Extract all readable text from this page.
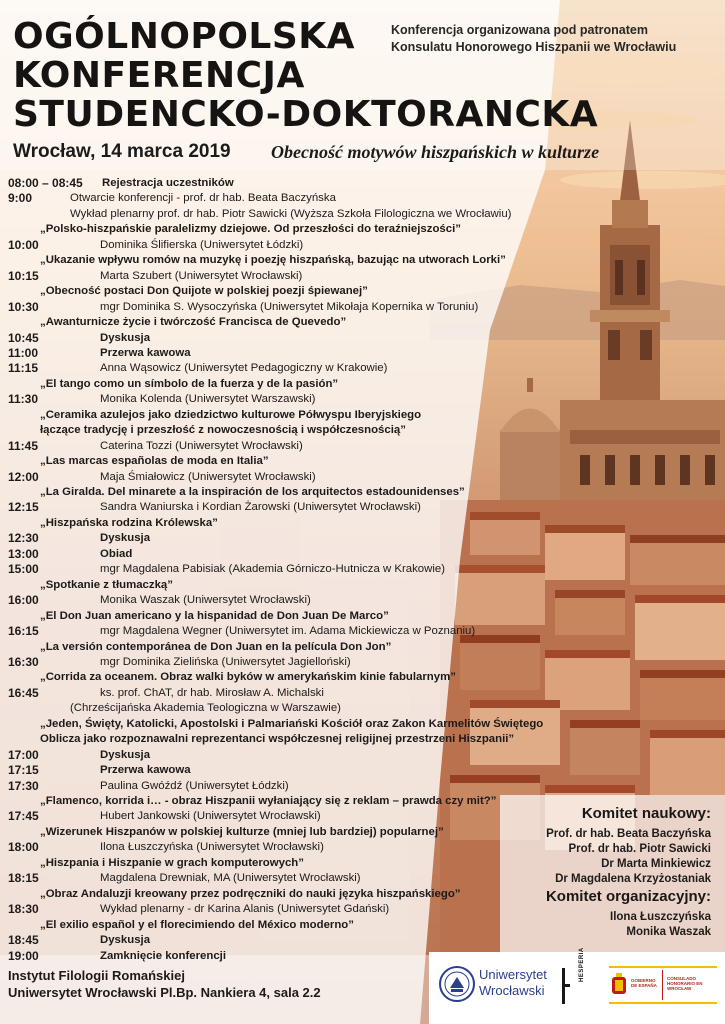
OGÓLNOPOLSKA
KONFERENCJA
STUDENCKO-DOKTORANCKA
Konferencja organizowana pod patronatem
Konsulatu Honorowego Hiszpanii we Wrocławiu
Wrocław, 14 marca 2019 Obecność motywów hiszpańskich w kulturze
08:00 – 08:45 Rejestracja uczestników
9:00	Otwarcie konferencji - prof. dr hab. Beata Baczyńska
Wykład plenarny prof. dr hab. Piotr Sawicki (Wyższa Szkoła Filologiczna we Wrocławiu)
„Polsko-hiszpańskie paralelizmy dziejowe. Od przeszłości do teraźniejszości”
10:00	Dominika Ślifierska (Uniwersytet Łódzki)
„Ukazanie wpływu romów na muzykę i poezję hiszpańską, bazując na utworach Lorki”
10:15	Marta Szubert (Uniwersytet Wrocławski)
„Obecność postaci Don Quijote w polskiej poezji śpiewanej”
10:30	mgr Dominika S. Wysoczyńska (Uniwersytet Mikołaja Kopernika w Toruniu)
„Awanturnicze życie i twórczość Francisca de Quevedo”
10:45	Dyskusja
11:00	Przerwa kawowa
11:15	Anna Wąsowicz (Uniwersytet Pedagogiczny w Krakowie)
„El tango como un símbolo de la fuerza y de la pasión”
11:30	Monika Kolenda (Uniwersytet Warszawski)
„Ceramika azulejos jako dziedzictwo kulturowe Półwyspu Iberyjskiego
łączące tradycję i przeszłość z nowoczesnością i współczesnością”
11:45	Caterina Tozzi (Uniwersytet Wrocławski)
„Las marcas españolas de moda en Italia”
12:00	Maja Śmiałowicz (Uniwersytet Wrocławski)
„La Giralda. Del minarete a la inspiración de los arquitectos estadounidenses”
12:15	Sandra Waniurska i Kordian Żarowski (Uniwersytet Wrocławski)
„Hiszpańska rodzina Królewska”
12:30	Dyskusja
13:00	Obiad
15:00	mgr Magdalena Pabisiak (Akademia Górniczo-Hutnicza w Krakowie)
„Spotkanie z tłumaczką”
16:00	Monika Waszak (Uniwersytet Wrocławski)
„El Don Juan americano y la hispanidad de Don Juan De Marco”
16:15	mgr Magdalena Wegner (Uniwersytet im. Adama Mickiewicza w Poznaniu)
„La versión contemporánea de Don Juan en la película Don Jon”
16:30	mgr Dominika Zielińska (Uniwersytet Jagielloński)
„Corrida za oceanem. Obraz walki byków w amerykańskim kinie fabularnym”
16:45	ks. prof. ChAT, dr hab. Mirosław A. Michalski
(Chrześcijańska Akademia Teologiczna w Warszawie)
„Jeden, Święty, Katolicki, Apostolski i Palmariański Kościół oraz Zakon Karmelitów Świętego
Oblicza jako rozpoznawalni reprezentanci współczesnej religijnej przestrzeni Hiszpanii”
17:00	Dyskusja
17:15	Przerwa kawowa
17:30	Paulina Gwóźdź (Uniwersytet Łódzki)
„Flamenco, korrida i… - obraz Hiszpanii wyłaniający się z reklam – prawda czy mit?”
17:45	Hubert Jankowski (Uniwersytet Wrocławski)
„Wizerunek Hiszpanów w polskiej kulturze (mniej lub bardziej) popularnej”
18:00	Ilona Łuszczyńska (Uniwersytet Wrocławski)
„Hiszpania i Hiszpanie w grach komputerowych”
18:15	Magdalena Drewniak, MA (Uniwersytet Wrocławski)
„Obraz Andaluzji kreowany przez podręczniki do nauki języka hiszpańskiego”
18:30	Wykład plenarny - dr Karina Alanis (Uniwersytet Gdański)
„El exilio español y el florecimiendo del México moderno”
18:45	Dyskusja
19:00	Zamknięcie konferencji
Komitet naukowy:
Prof. dr hab. Beata Baczyńska
Prof. dr hab. Piotr Sawicki
Dr Marta Minkiewicz
Dr Magdalena Krzyżostaniak
Komitet organizacyjny:
Ilona Łuszczyńska
Monika Waszak
Instytut Filologii Romańskiej
Uniwersytet Wrocławski Pl.Bp. Nankiera 4, sala 2.2
Uniwersytet
Wrocławski
HESPERIA	GOBIERNO
DE ESPAÑA
CONSULADO
HONORARIO EN
WROCŁAW
